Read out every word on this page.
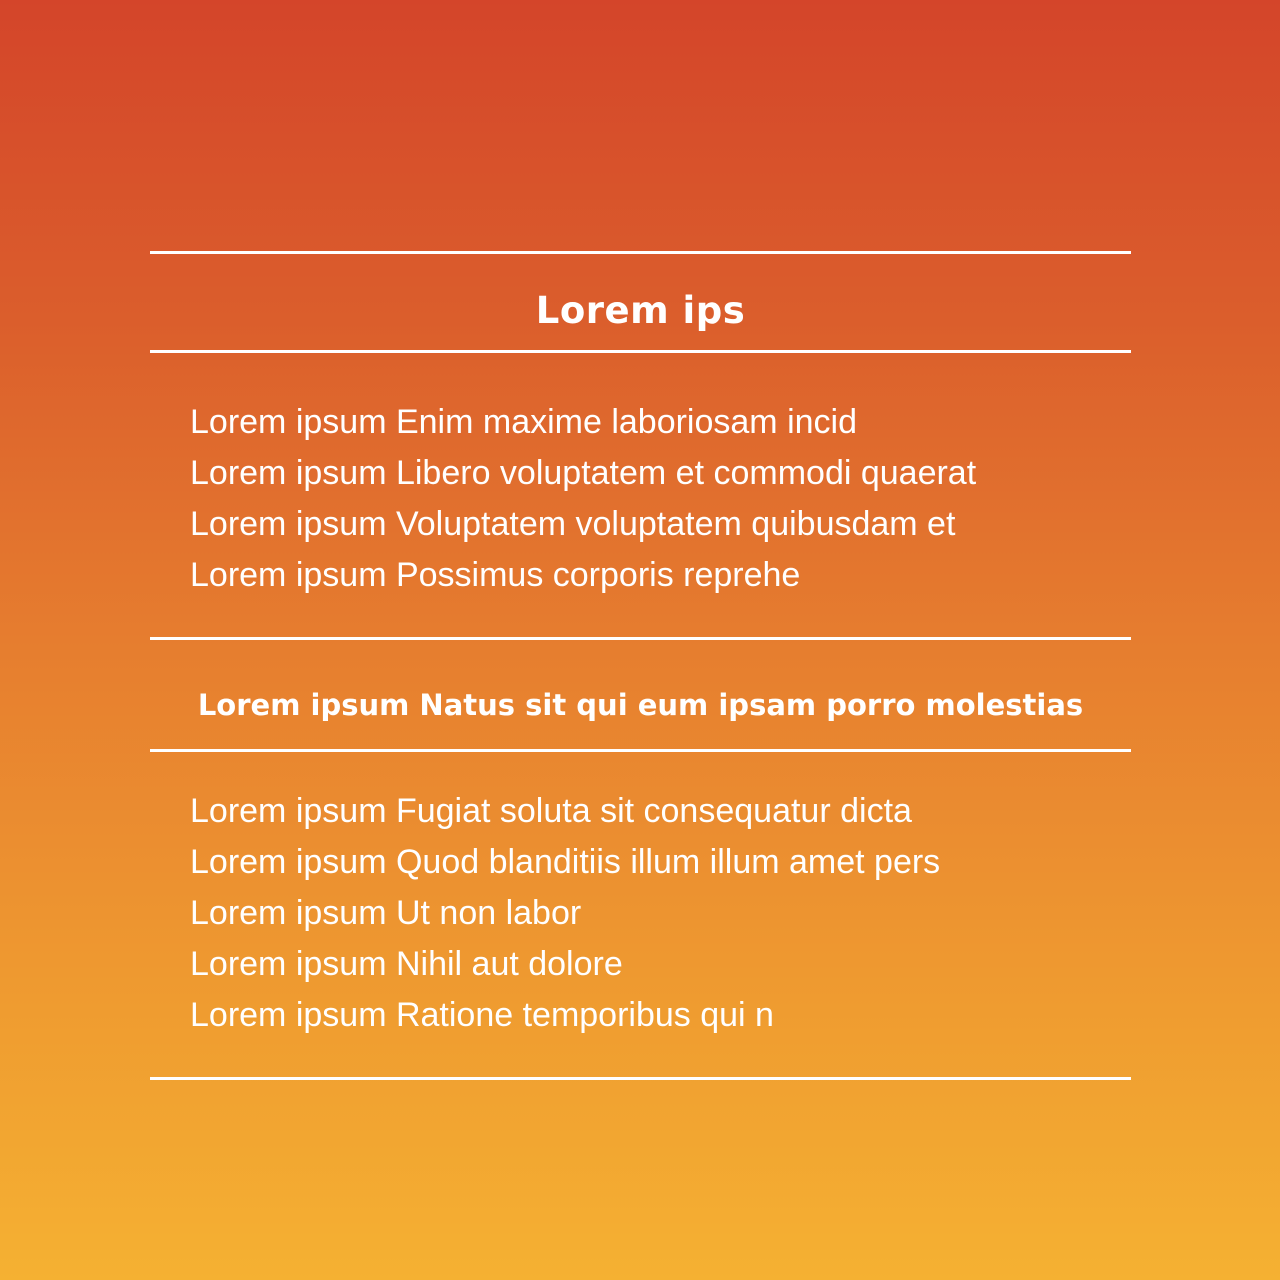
Lorem ips
Lorem ipsum Enim maxime laboriosam incid
Lorem ipsum Libero voluptatem et commodi quaerat
Lorem ipsum Voluptatem voluptatem quibusdam et
Lorem ipsum Possimus corporis reprehe
Lorem ipsum Natus sit qui eum ipsam porro molestias
Lorem ipsum Fugiat soluta sit consequatur dicta
Lorem ipsum Quod blanditiis illum illum amet pers
Lorem ipsum Ut non labor
Lorem ipsum Nihil aut dolore
Lorem ipsum Ratione temporibus qui n
